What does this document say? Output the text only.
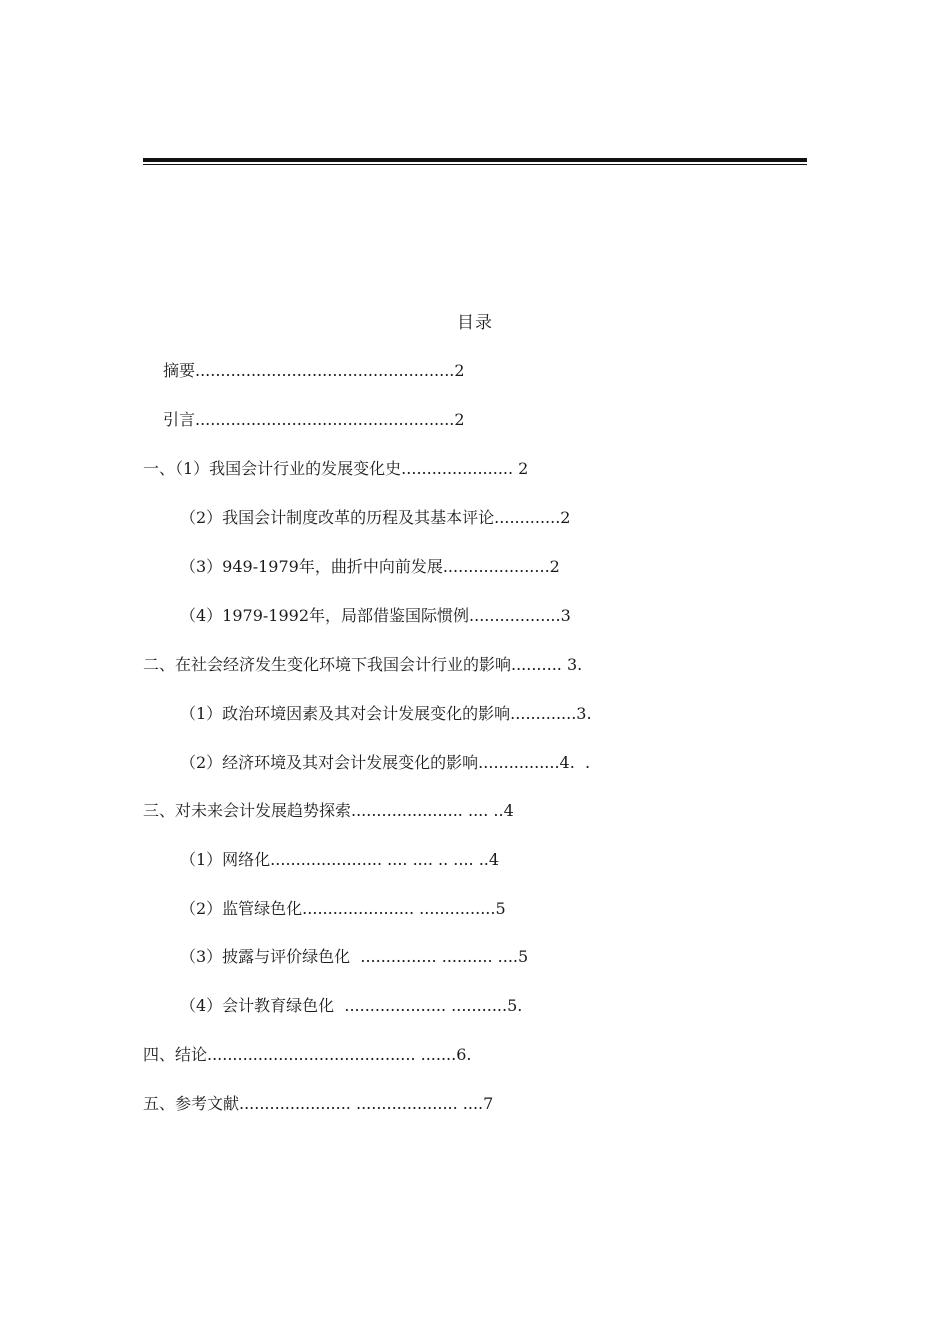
目录
摘要...................................................2
引言...................................................2
一、（1）我国会计行业的发展变化史...................... 2
（2）我国会计制度改革的历程及其基本评论.............2
（3）949-1979年，曲折中向前发展.....................2
（4）1979-1992年，局部借鉴国际惯例..................3
二、在社会经济发生变化环境下我国会计行业的影响.......... 3.
（1）政治环境因素及其对会计发展变化的影响.............3.
（2）经济环境及其对会计发展变化的影响................4.  .
三、对未来会计发展趋势探索...................... .... ..4
（1）网络化...................... .... .... .. .... ..4
（2）监管绿色化...................... ...............5
（3）披露与评价绿色化  ............... .......... ....5
（4）会计教育绿色化  .................... ...........5.
四、结论......................................... .......6.
五、参考文献...................... .................... ....7
